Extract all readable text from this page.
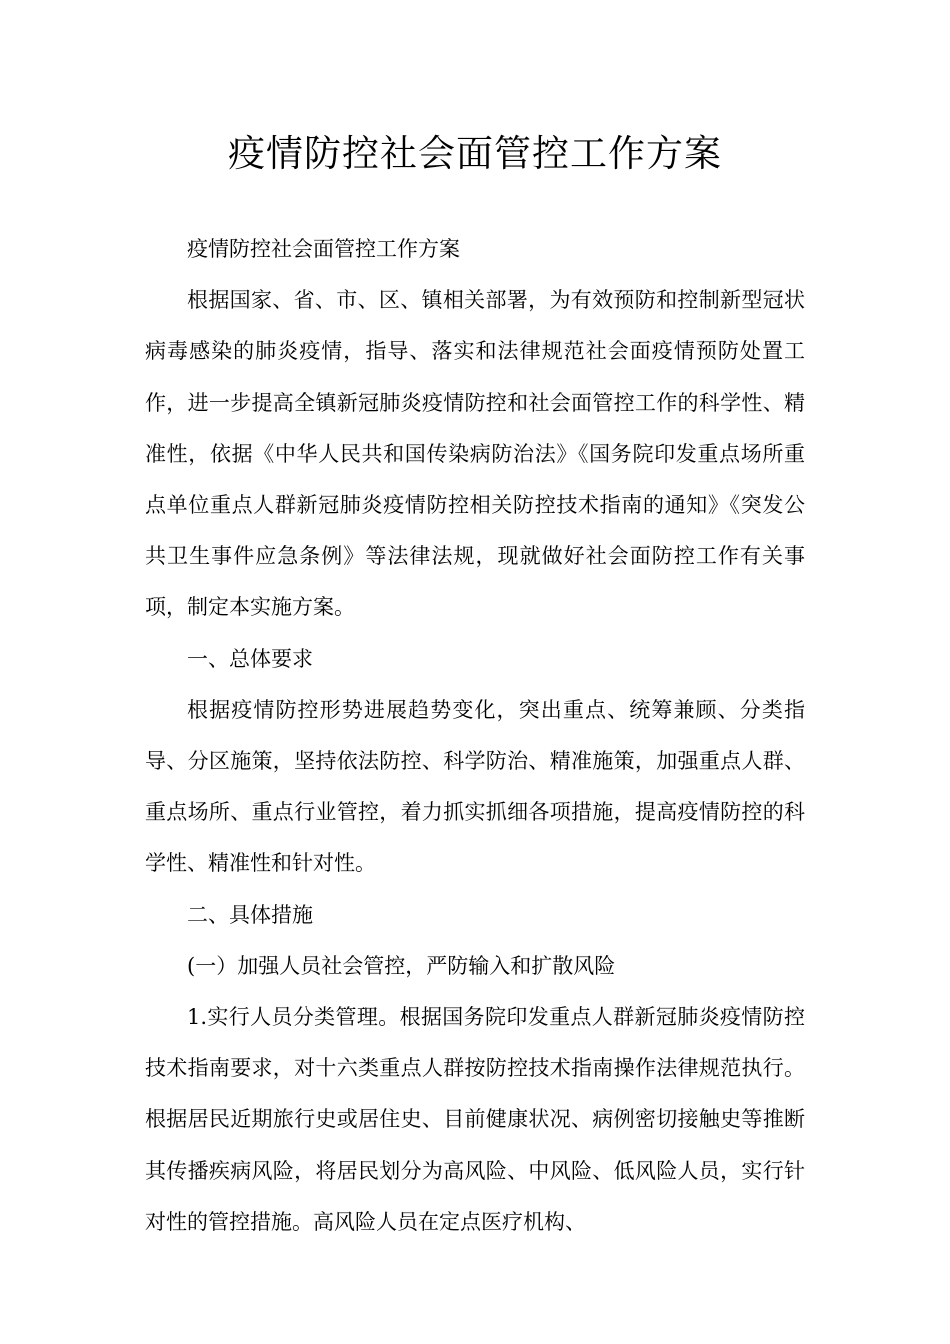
疫情防控社会面管控工作方案

疫情防控社会面管控工作方案

根据国家、省、市、区、镇相关部署，为有效预防和控制新型冠状病毒感染的肺炎疫情，指导、落实和法律规范社会面疫情预防处置工作，进一步提高全镇新冠肺炎疫情防控和社会面管控工作的科学性、精准性，依据《中华人民共和国传染病防治法》《国务院印发重点场所重点单位重点人群新冠肺炎疫情防控相关防控技术指南的通知》《突发公共卫生事件应急条例》等法律法规，现就做好社会面防控工作有关事项，制定本实施方案。

一、总体要求

根据疫情防控形势进展趋势变化，突出重点、统筹兼顾、分类指导、分区施策，坚持依法防控、科学防治、精准施策，加强重点人群、重点场所、重点行业管控，着力抓实抓细各项措施，提高疫情防控的科学性、精准性和针对性。

二、具体措施

(一）加强人员社会管控，严防输入和扩散风险

1.实行人员分类管理。根据国务院印发重点人群新冠肺炎疫情防控技术指南要求，对十六类重点人群按防控技术指南操作法律规范执行。根据居民近期旅行史或居住史、目前健康状况、病例密切接触史等推断其传播疾病风险，将居民划分为高风险、中风险、低风险人员，实行针对性的管控措施。高风险人员在定点医疗机构、
